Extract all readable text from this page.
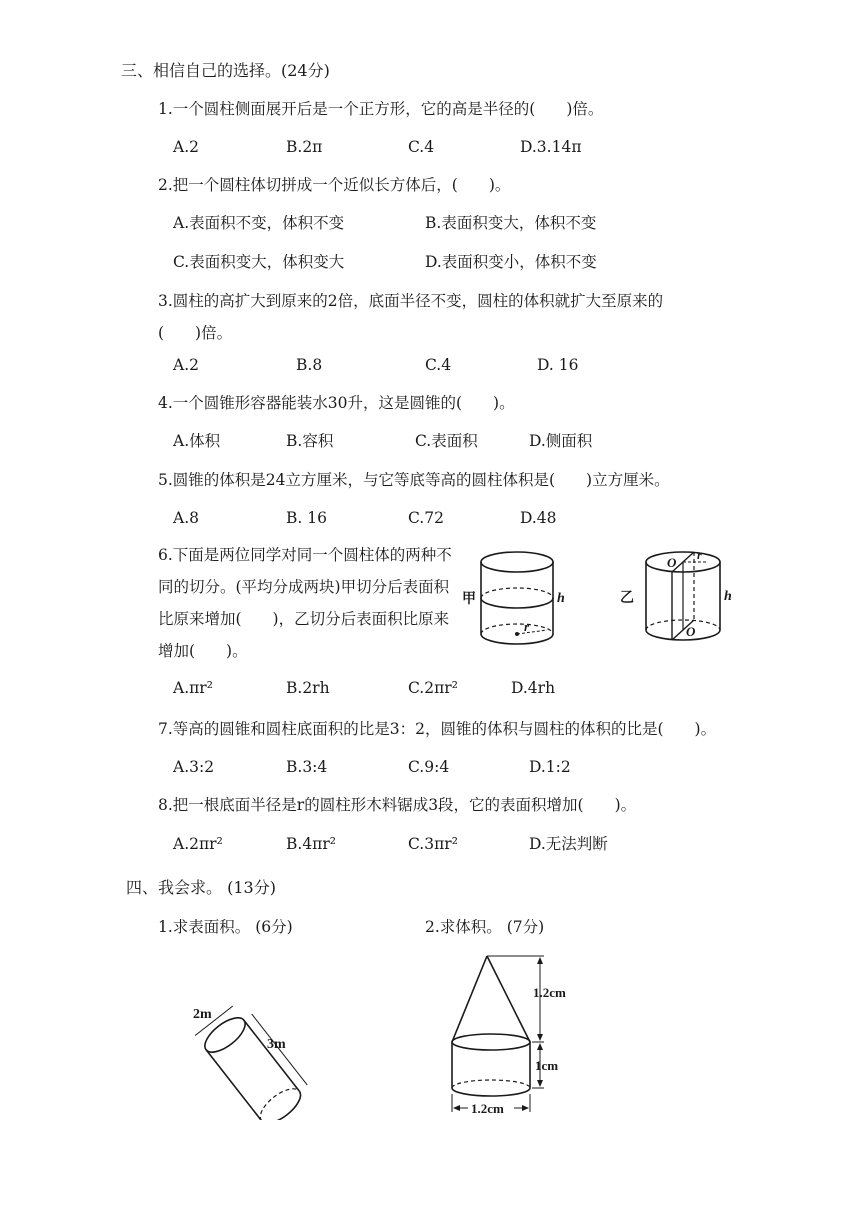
三、相信自己的选择。(24分)
1.一个圆柱侧面展开后是一个正方形，它的高是半径的(　　)倍。
A.2	B.2π	C.4	D.3.14π
2.把一个圆柱体切拼成一个近似长方体后，(　　)。
A.表面积不变，体积不变	B.表面积变大，体积不变
C.表面积变大，体积变大	D.表面积变小，体积不变
3.圆柱的高扩大到原来的2倍，底面半径不变，圆柱的体积就扩大至原来的
(　　)倍。
A.2	B.8	C.4	D. 16
4.一个圆锥形容器能装水30升，这是圆锥的(　　)。
A.体积	B.容积	C.表面积	D.侧面积
5.圆锥的体积是24立方厘米，与它等底等高的圆柱体积是(　　)立方厘米。
A.8	B. 16	C.72	D.48
6.下面是两位同学对同一个圆柱体的两种不
同的切分。(平均分成两块)甲切分后表面积
比原来增加(　　)，乙切分后表面积比原来
增加(　　)。
甲	h
r
乙	h
O r
O
A.πr²	B.2rh	C.2πr²	D.4rh
7.等高的圆锥和圆柱底面积的比是3：2，圆锥的体积与圆柱的体积的比是(　　)。
A.3:2	B.3:4	C.9:4	D.1:2
8.把一根底面半径是r的圆柱形木料锯成3段，它的表面积增加(　　)。
A.2πr²	B.4πr²	C.3πr²	D.无法判断
四、我会求。 (13分)
1.求表面积。 (6分)	2.求体积。 (7分)
2m
3m
1.2cm
1cm
1.2cm
